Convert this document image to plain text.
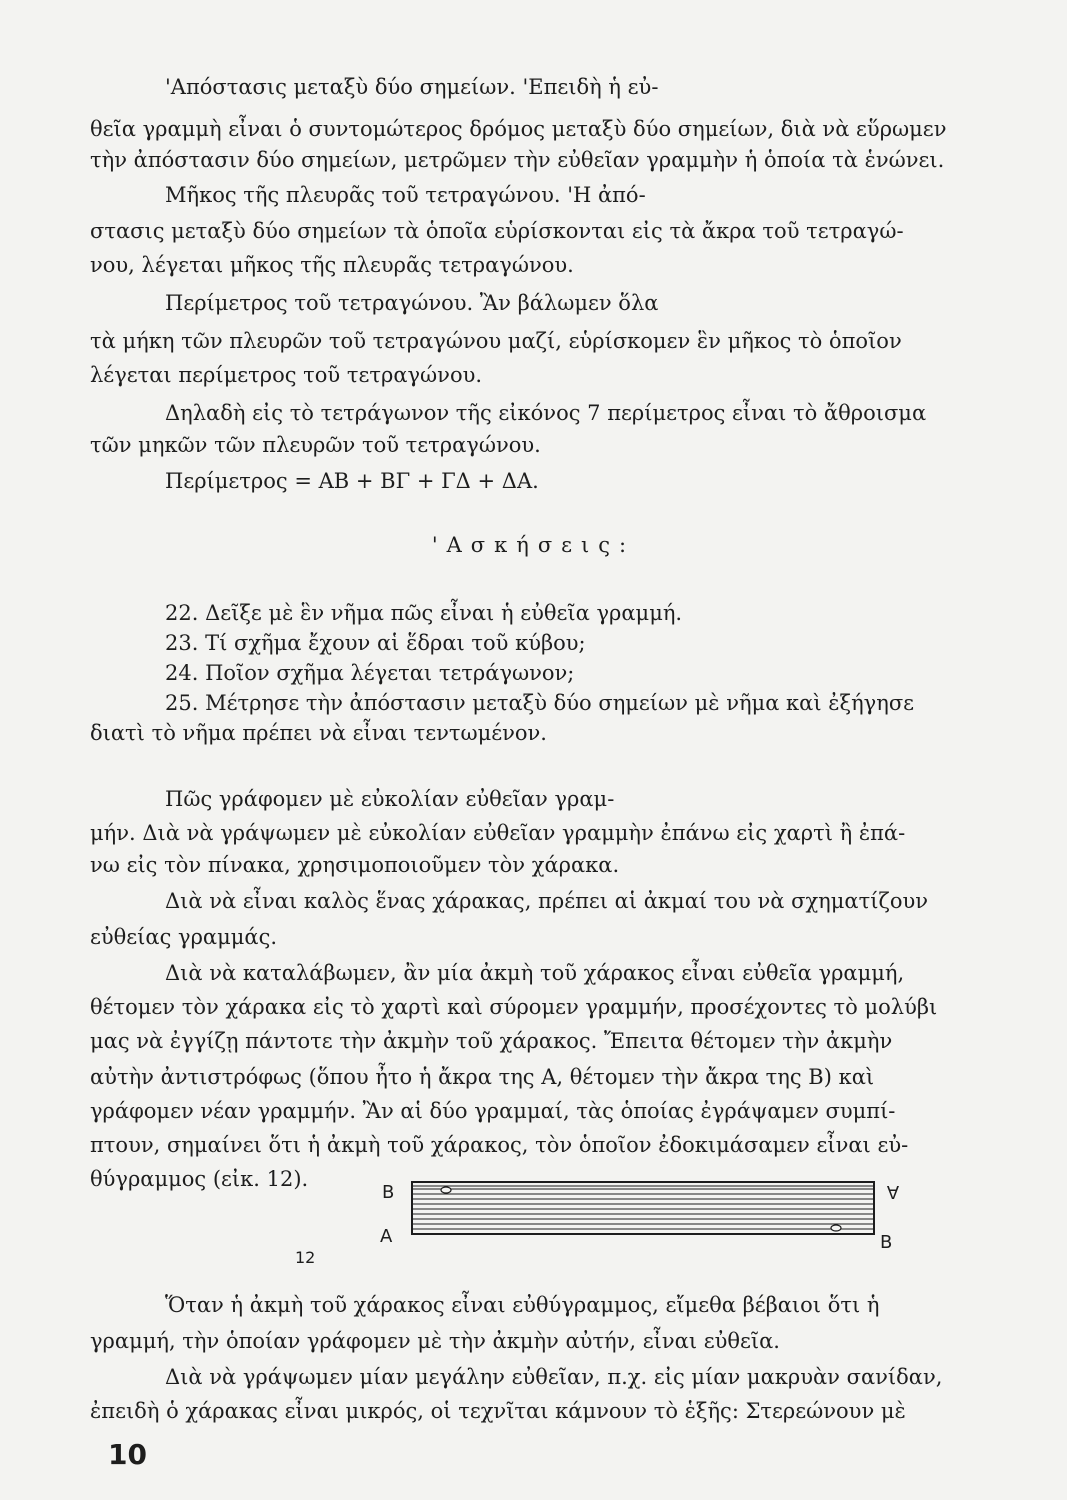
'Απόστασις μεταξὺ δύο σημείων. 'Επειδὴ ἡ εὐ-

θεῖα γραμμὴ εἶναι ὁ συντομώτερος δρόμος μεταξὺ δύο σημείων, διὰ νὰ εὕρωμεν

τὴν ἀπόστασιν δύο σημείων, μετρῶμεν τὴν εὐθεῖαν γραμμὴν ἡ ὁποία τὰ ἑνώνει.

Μῆκος τῆς πλευρᾶς τοῦ τετραγώνου. 'Η ἀπό-

στασις μεταξὺ δύο σημείων τὰ ὁποῖα εὑρίσκονται εἰς τὰ ἄκρα τοῦ τετραγώ-

νου, λέγεται μῆκος τῆς πλευρᾶς τετραγώνου.

Περίμετρος τοῦ τετραγώνου. Ἂν βάλωμεν ὅλα

τὰ μήκη τῶν πλευρῶν τοῦ τετραγώνου μαζί, εὑρίσκομεν ἓν μῆκος τὸ ὁποῖον

λέγεται περίμετρος τοῦ τετραγώνου.

Δηλαδὴ εἰς τὸ τετράγωνον τῆς εἰκόνος 7 περίμετρος εἶναι τὸ ἄθροισμα

τῶν μηκῶν τῶν πλευρῶν τοῦ τετραγώνου.

Περίμετρος = ΑΒ + ΒΓ + ΓΔ + ΔΑ.

'Ασκήσεις:

22. Δεῖξε μὲ ἓν νῆμα πῶς εἶναι ἡ εὐθεῖα γραμμή.

23. Τί σχῆμα ἔχουν αἱ ἕδραι τοῦ κύβου;

24. Ποῖον σχῆμα λέγεται τετράγωνον;

25. Μέτρησε τὴν ἀπόστασιν μεταξὺ δύο σημείων μὲ νῆμα καὶ ἐξήγησε

διατὶ τὸ νῆμα πρέπει νὰ εἶναι τεντωμένον.

Πῶς γράφομεν μὲ εὐκολίαν εὐθεῖαν γραμ-

μήν. Διὰ νὰ γράψωμεν μὲ εὐκολίαν εὐθεῖαν γραμμὴν ἐπάνω εἰς χαρτὶ ἢ ἐπά-

νω εἰς τὸν πίνακα, χρησιμοποιοῦμεν τὸν χάρακα.

Διὰ νὰ εἶναι καλὸς ἕνας χάρακας, πρέπει αἱ ἀκμαί του νὰ σχηματίζουν

εὐθείας γραμμάς.

Διὰ νὰ καταλάβωμεν, ἂν μία ἀκμὴ τοῦ χάρακος εἶναι εὐθεῖα γραμμή,

θέτομεν τὸν χάρακα εἰς τὸ χαρτὶ καὶ σύρομεν γραμμήν, προσέχοντες τὸ μολύβι

μας νὰ ἐγγίζῃ πάντοτε τὴν ἀκμὴν τοῦ χάρακος. Ἔπειτα θέτομεν τὴν ἀκμὴν

αὐτὴν ἀντιστρόφως (ὅπου ἦτο ἡ ἄκρα της Α, θέτομεν τὴν ἄκρα της Β) καὶ

γράφομεν νέαν γραμμήν. Ἂν αἱ δύο γραμμαί, τὰς ὁποίας ἐγράψαμεν συμπί-

πτουν, σημαίνει ὅτι ἡ ἀκμὴ τοῦ χάρακος, τὸν ὁποῖον ἐδοκιμάσαμεν εἶναι εὐ-

θύγραμμος (εἰκ. 12).

B
A
A
B
12

Ὅταν ἡ ἀκμὴ τοῦ χάρακος εἶναι εὐθύγραμμος, εἴμεθα βέβαιοι ὅτι ἡ

γραμμή, τὴν ὁποίαν γράφομεν μὲ τὴν ἀκμὴν αὐτήν, εἶναι εὐθεῖα.

Διὰ νὰ γράψωμεν μίαν μεγάλην εὐθεῖαν, π.χ. εἰς μίαν μακρυὰν σανίδαν,

ἐπειδὴ ὁ χάρακας εἶναι μικρός, οἱ τεχνῖται κάμνουν τὸ ἑξῆς: Στερεώνουν μὲ

10
